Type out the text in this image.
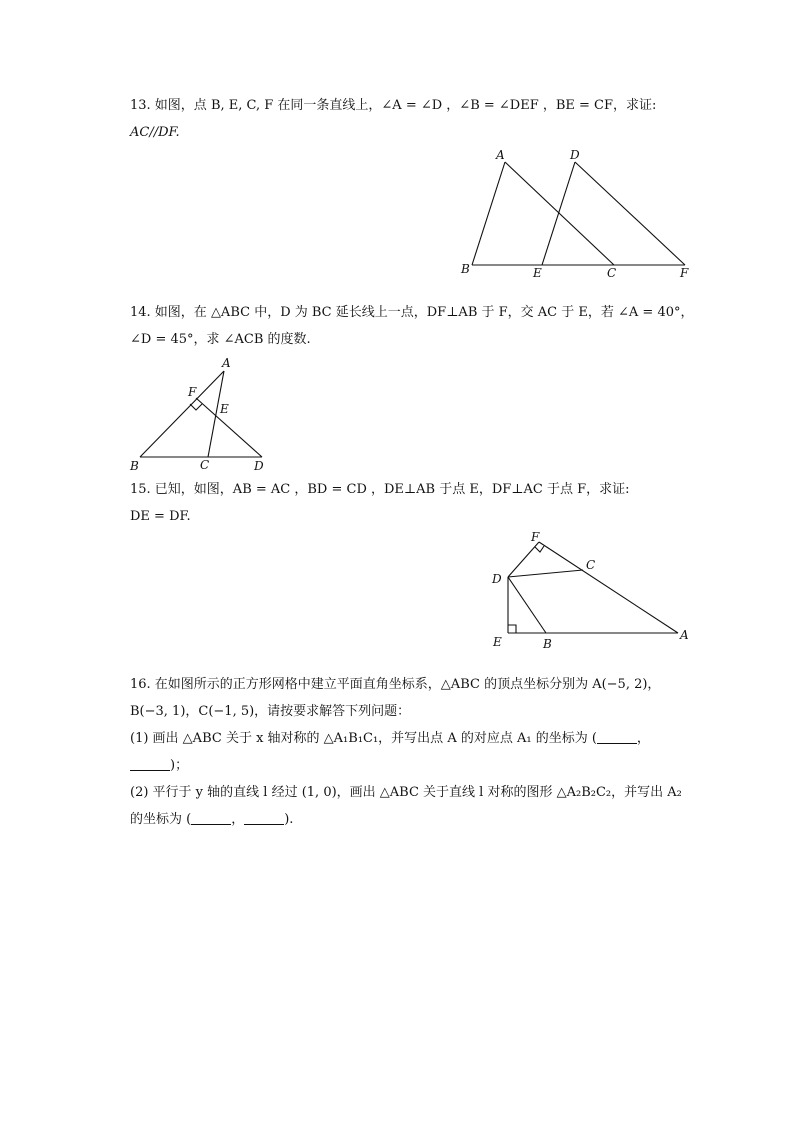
13. 如图，点 B, E, C, F 在同一条直线上，∠A = ∠D ，∠B = ∠DEF ，BE = CF，求证:

AC//DF.

A	D
B	E	C	F

14. 如图，在 △ABC 中，D 为 BC 延长线上一点，DF⊥AB 于 F，交 AC 于 E，若 ∠A = 40°，

∠D = 45°，求 ∠ACB 的度数.

A
F
E
B	C	D

15. 已知，如图，AB = AC ，BD = CD ，DE⊥AB 于点 E，DF⊥AC 于点 F，求证:

DE = DF.

F
C
D
E	B
A

16. 在如图所示的正方形网格中建立平面直角坐标系，△ABC 的顶点坐标分别为 A(−5, 2)，

B(−3, 1)，C(−1, 5)，请按要求解答下列问题：

(1) 画出 △ABC 关于 x 轴对称的 △A₁B₁C₁，并写出点 A 的对应点 A₁ 的坐标为 (	，

)；

(2) 平行于 y 轴的直线 l 经过 (1, 0)，画出 △ABC 关于直线 l 对称的图形 △A₂B₂C₂，并写出 A₂

的坐标为 (	，	).
